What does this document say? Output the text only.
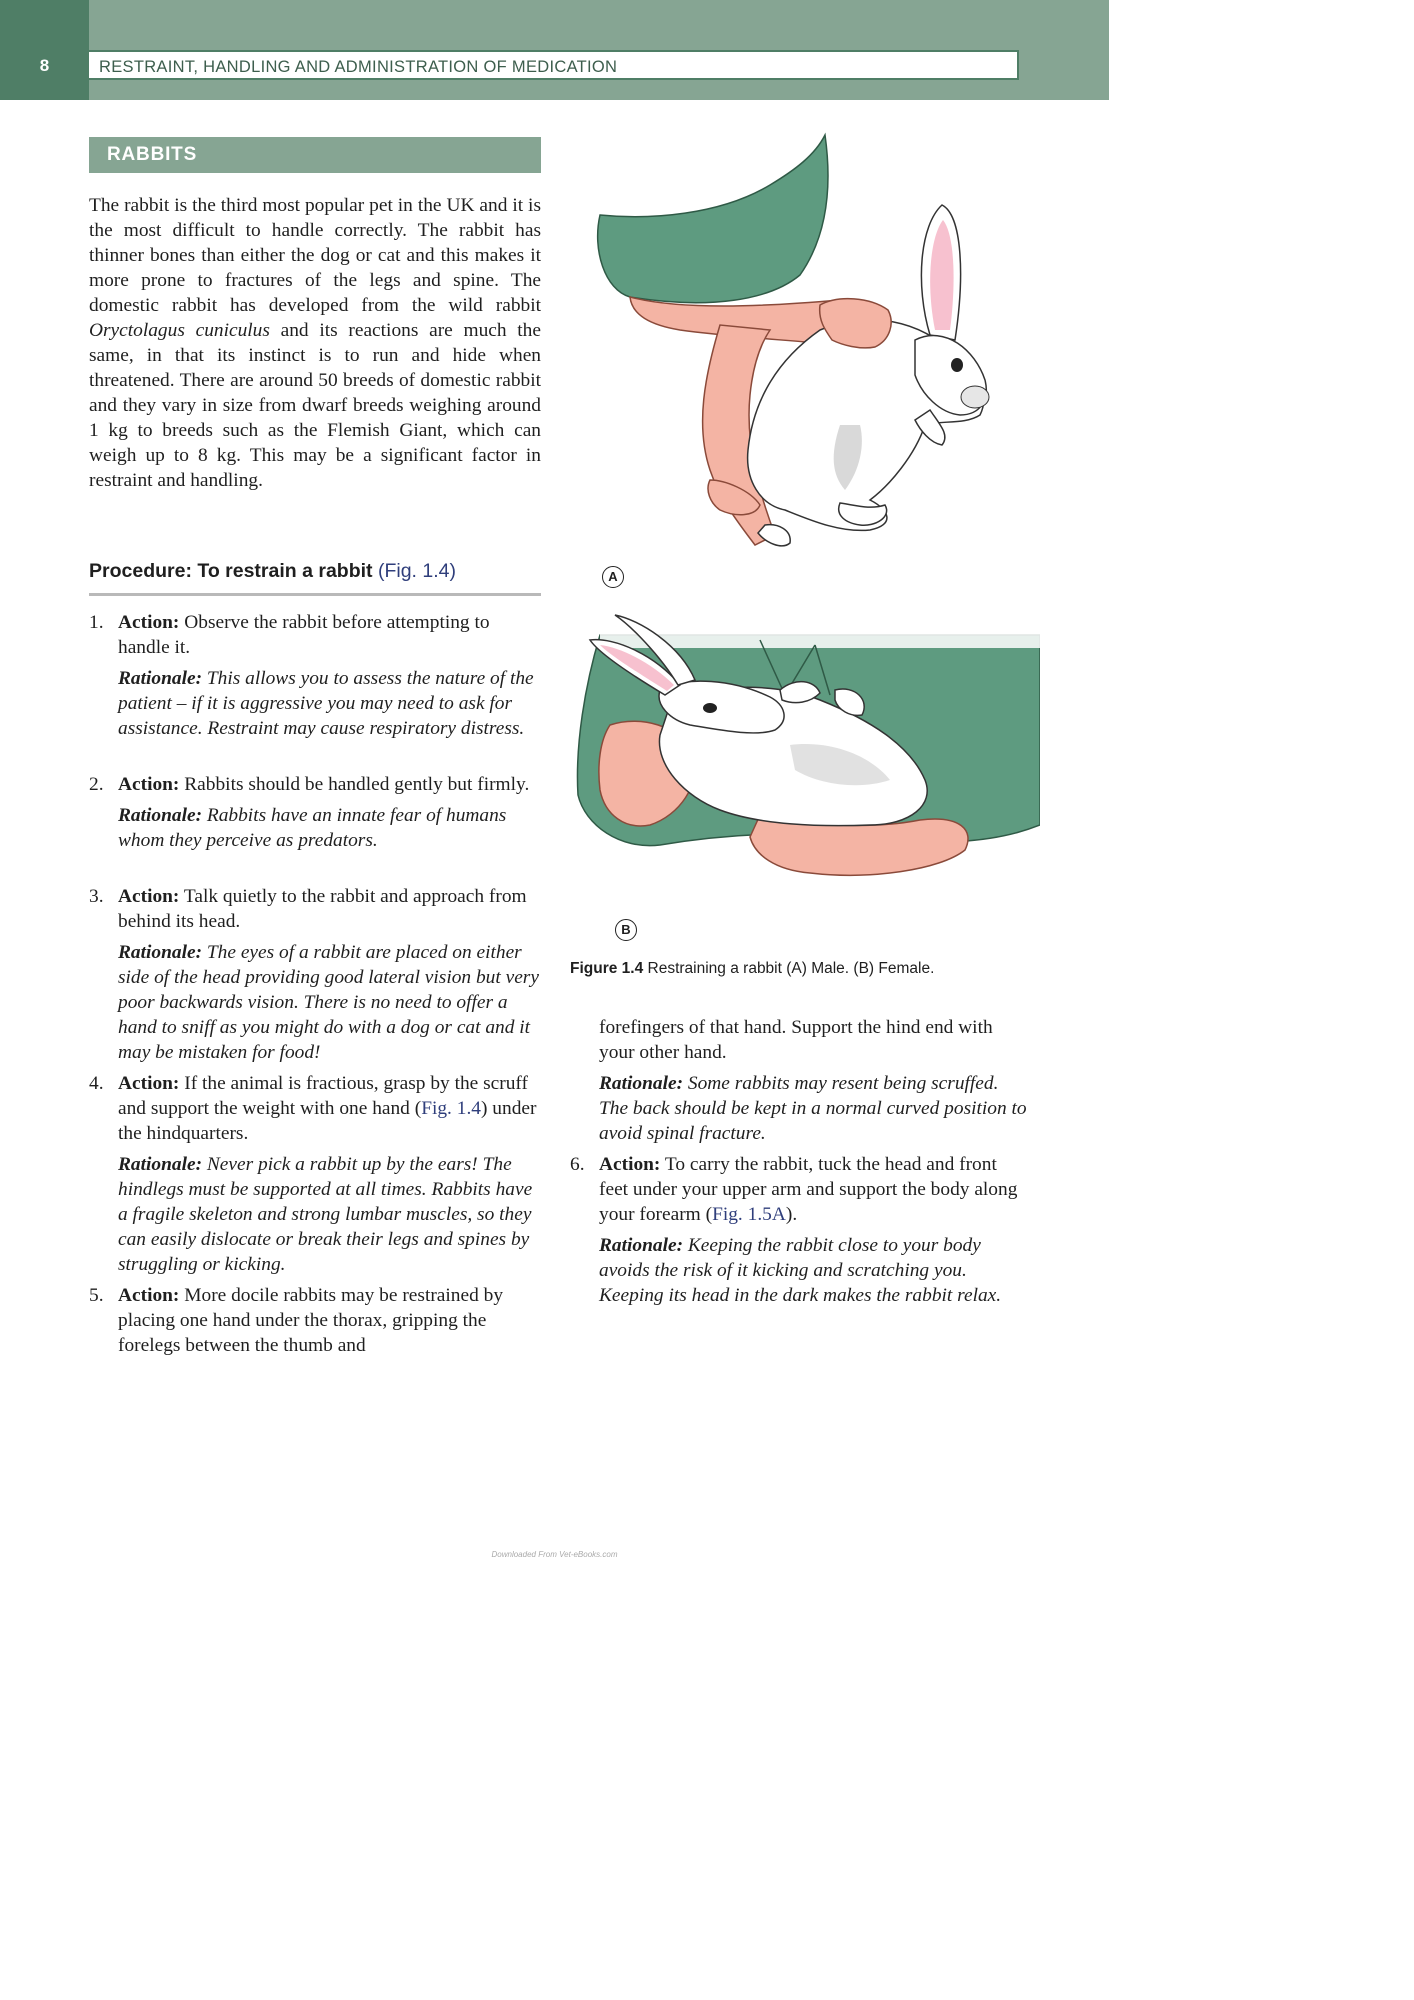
8	RESTRAINT, HANDLING AND ADMINISTRATION OF MEDICATION
RABBITS

The rabbit is the third most popular pet in the UK and it is the most difficult to handle correctly. The rabbit has thinner bones than either the dog or cat and this makes it more prone to fractures of the legs and spine. The domestic rabbit has developed from the wild rabbit Oryctolagus cuniculus and its reactions are much the same, in that its instinct is to run and hide when threatened. There are around 50 breeds of domestic rabbit and they vary in size from dwarf breeds weighing around 1 kg to breeds such as the Flemish Giant, which can weigh up to 8 kg. This may be a significant factor in restraint and handling.

Procedure: To restrain a rabbit (Fig. 1.4)
1. Action: Observe the rabbit before attempting to handle it.
Rationale: This allows you to assess the nature of the patient – if it is aggressive you may need to ask for assistance. Restraint may cause respiratory distress.
2. Action: Rabbits should be handled gently but firmly.
Rationale: Rabbits have an innate fear of humans whom they perceive as predators.
3. Action: Talk quietly to the rabbit and approach from behind its head.
Rationale: The eyes of a rabbit are placed on either side of the head providing good lateral vision but very poor backwards vision. There is no need to offer a hand to sniff as you might do with a dog or cat and it may be mistaken for food!
4. Action: If the animal is fractious, grasp by the scruff and support the weight with one hand (Fig. 1.4) under the hindquarters.
Rationale: Never pick a rabbit up by the ears! The hindlegs must be supported at all times. Rabbits have a fragile skeleton and strong lumbar muscles, so they can easily dislocate or break their legs and spines by struggling or kicking.
5. Action: More docile rabbits may be restrained by placing one hand under the thorax, gripping the forelegs between the thumb and
forefingers of that hand. Support the hind end with your other hand.
Rationale: Some rabbits may resent being scruffed. The back should be kept in a normal curved position to avoid spinal fracture.
6. Action: To carry the rabbit, tuck the head and front feet under your upper arm and support the body along your forearm (Fig. 1.5A).
Rationale: Keeping the rabbit close to your body avoids the risk of it kicking and scratching you. Keeping its head in the dark makes the rabbit relax.
A
B
Figure 1.4 Restraining a rabbit (A) Male. (B) Female.
Downloaded From Vet-eBooks.com
